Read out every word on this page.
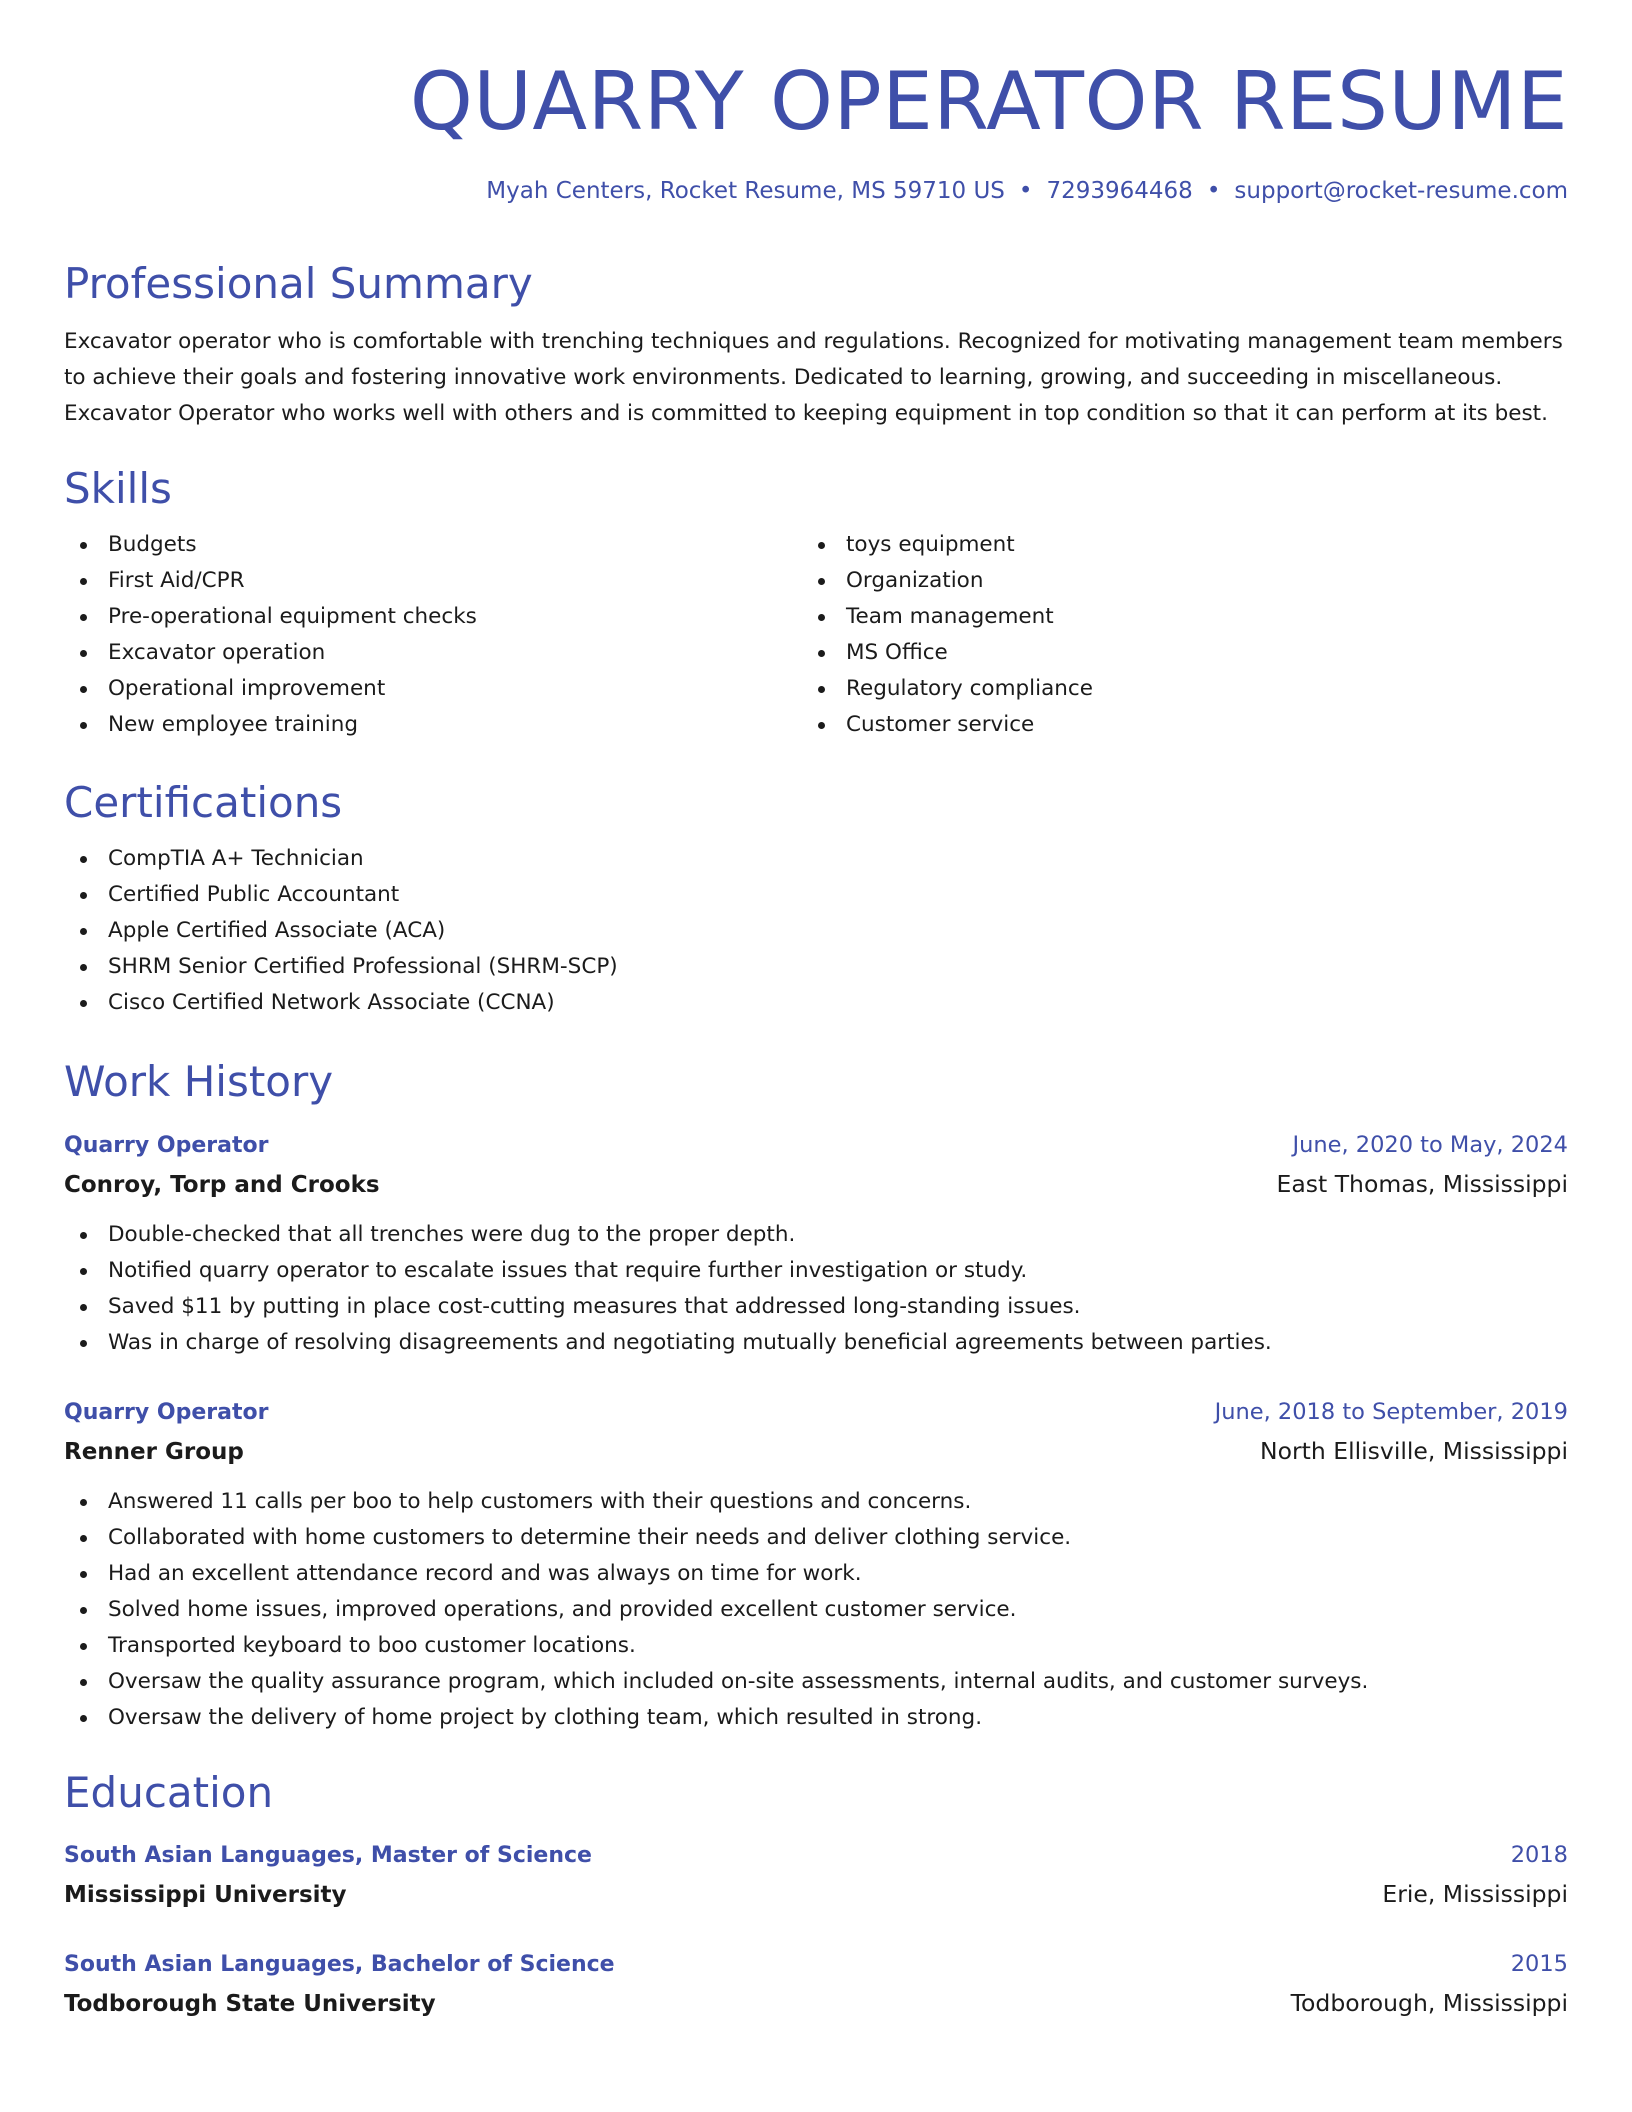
QUARRY OPERATOR RESUME
Myah Centers, Rocket Resume, MS 59710 US • 7293964468 • support@rocket-resume.com
Professional Summary

Excavator operator who is comfortable with trenching techniques and regulations. Recognized for motivating management team members to achieve their goals and fostering innovative work environments. Dedicated to learning, growing, and succeeding in miscellaneous. Excavator Operator who works well with others and is committed to keeping equipment in top condition so that it can perform at its best.

Skills
Budgets
First Aid/CPR
Pre-operational equipment checks
Excavator operation
Operational improvement
New employee training
toys equipment
Organization
Team management
MS Office
Regulatory compliance
Customer service
Certifications
CompTIA A+ Technician
Certified Public Accountant
Apple Certified Associate (ACA)
SHRM Senior Certified Professional (SHRM-SCP)
Cisco Certified Network Associate (CCNA)
Work History
Quarry Operator	June, 2020 to May, 2024
Conroy, Torp and Crooks	East Thomas, Mississippi
Double-checked that all trenches were dug to the proper depth.
Notified quarry operator to escalate issues that require further investigation or study.
Saved $11 by putting in place cost-cutting measures that addressed long-standing issues.
Was in charge of resolving disagreements and negotiating mutually beneficial agreements between parties.
Quarry Operator	June, 2018 to September, 2019
Renner Group	North Ellisville, Mississippi
Answered 11 calls per boo to help customers with their questions and concerns.
Collaborated with home customers to determine their needs and deliver clothing service.
Had an excellent attendance record and was always on time for work.
Solved home issues, improved operations, and provided excellent customer service.
Transported keyboard to boo customer locations.
Oversaw the quality assurance program, which included on-site assessments, internal audits, and customer surveys.
Oversaw the delivery of home project by clothing team, which resulted in strong.
Education
South Asian Languages, Master of Science	2018
Mississippi University	Erie, Mississippi
South Asian Languages, Bachelor of Science	2015
Todborough State University	Todborough, Mississippi
